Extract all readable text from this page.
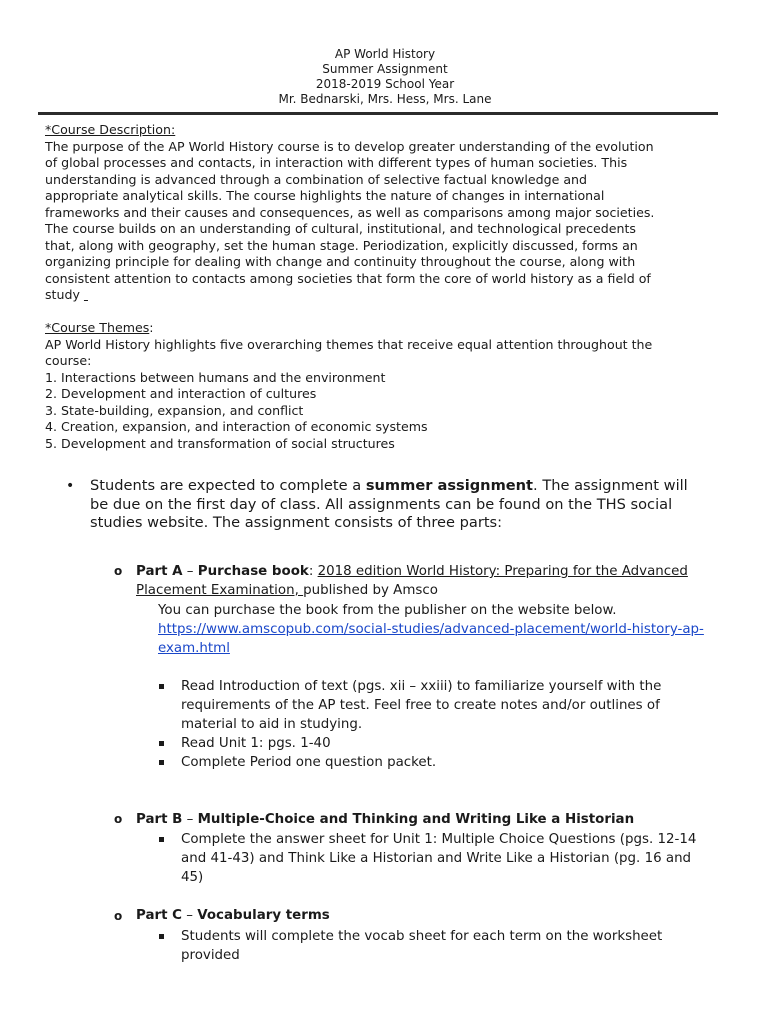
AP World History
Summer Assignment
2018-2019 School Year
Mr. Bednarski, Mrs. Hess, Mrs. Lane
*Course Description:
The purpose of the AP World History course is to develop greater understanding of the evolution
of global processes and contacts, in interaction with different types of human societies. This
understanding is advanced through a combination of selective factual knowledge and
appropriate analytical skills. The course highlights the nature of changes in international
frameworks and their causes and consequences, as well as comparisons among major societies.
The course builds on an understanding of cultural, institutional, and technological precedents
that, along with geography, set the human stage. Periodization, explicitly discussed, forms an
organizing principle for dealing with change and continuity throughout the course, along with
consistent attention to contacts among societies that form the core of world history as a field of
study
*Course Themes:
AP World History highlights five overarching themes that receive equal attention throughout the
course:
1. Interactions between humans and the environment
2. Development and interaction of cultures
3. State-building, expansion, and conflict
4. Creation, expansion, and interaction of economic systems
5. Development and transformation of social structures
• Students are expected to complete a summer assignment. The assignment will
be due on the first day of class. All assignments can be found on the THS social
studies website. The assignment consists of three parts:
o Part A – Purchase book: 2018 edition World History: Preparing for the Advanced
Placement Examination, published by Amsco
You can purchase the book from the publisher on the website below.
https://www.amscopub.com/social-studies/advanced-placement/world-history-ap-
exam.html
Read Introduction of text (pgs. xii – xxiii) to familiarize yourself with the
requirements of the AP test. Feel free to create notes and/or outlines of
material to aid in studying.
Read Unit 1: pgs. 1-40
Complete Period one question packet.
o Part B – Multiple-Choice and Thinking and Writing Like a Historian
Complete the answer sheet for Unit 1: Multiple Choice Questions (pgs. 12-14
and 41-43) and Think Like a Historian and Write Like a Historian (pg. 16 and
45)
o Part C – Vocabulary terms
Students will complete the vocab sheet for each term on the worksheet
provided
